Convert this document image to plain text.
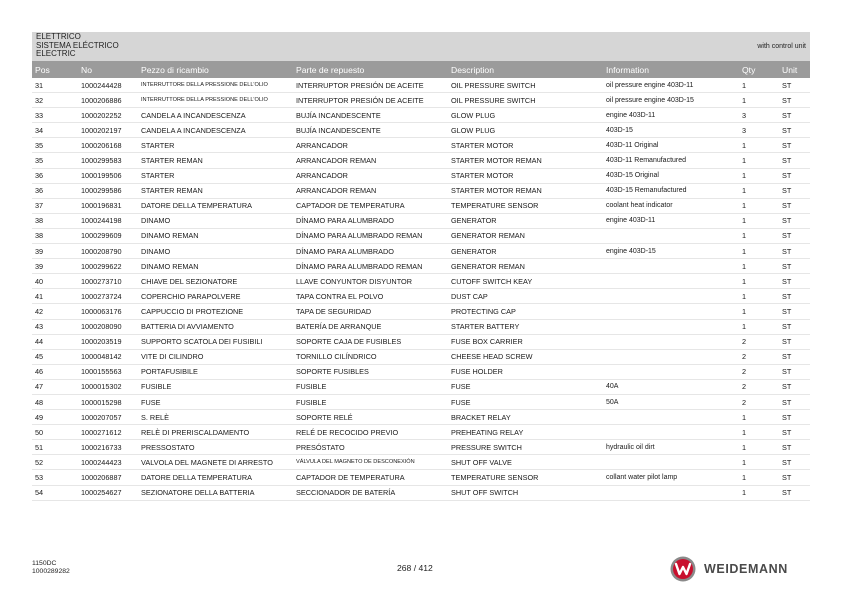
ELETTRICO
SISTEMA ELÉCTRICO
ELECTRIC
with control unit
Pos	No	Pezzo di ricambio	Parte de repuesto	Description	Information	Qty	Unit
31	1000244428	INTERRUTTORE DELLA PRESSIONE DELL'OLIO	INTERRUPTOR PRESIÓN DE ACEITE	OIL PRESSURE SWITCH	oil pressure engine 403D-11	1	ST
32	1000206886	INTERRUTTORE DELLA PRESSIONE DELL'OLIO	INTERRUPTOR PRESIÓN DE ACEITE	OIL PRESSURE SWITCH	oil pressure engine 403D-15	1	ST
33	1000202252	CANDELA A INCANDESCENZA	BUJÍA INCANDESCENTE	GLOW PLUG	engine 403D-11	3	ST
34	1000202197	CANDELA A INCANDESCENZA	BUJÍA INCANDESCENTE	GLOW PLUG	403D-15	3	ST
35	1000206168	STARTER	ARRANCADOR	STARTER MOTOR	403D-11 Original	1	ST
35	1000299583	STARTER REMAN	ARRANCADOR REMAN	STARTER MOTOR REMAN	403D-11 Remanufactured	1	ST
36	1000199506	STARTER	ARRANCADOR	STARTER MOTOR	403D-15 Original	1	ST
36	1000299586	STARTER REMAN	ARRANCADOR REMAN	STARTER MOTOR REMAN	403D-15 Remanufactured	1	ST
37	1000196831	DATORE DELLA TEMPERATURA	CAPTADOR DE TEMPERATURA	TEMPERATURE SENSOR	coolant heat indicator	1	ST
38	1000244198	DINAMO	DÍNAMO PARA ALUMBRADO	GENERATOR	engine 403D-11	1	ST
38	1000299609	DINAMO REMAN	DÍNAMO PARA ALUMBRADO REMAN	GENERATOR REMAN		1	ST
39	1000208790	DINAMO	DÍNAMO PARA ALUMBRADO	GENERATOR	engine 403D-15	1	ST
39	1000299622	DINAMO REMAN	DÍNAMO PARA ALUMBRADO REMAN	GENERATOR REMAN		1	ST
40	1000273710	CHIAVE DEL SEZIONATORE	LLAVE CONYUNTOR DISYUNTOR	CUTOFF SWITCH KEAY		1	ST
41	1000273724	COPERCHIO PARAPOLVERE	TAPA CONTRA EL POLVO	DUST CAP		1	ST
42	1000063176	CAPPUCCIO DI PROTEZIONE	TAPA DE SEGURIDAD	PROTECTING CAP		1	ST
43	1000208090	BATTERIA DI AVVIAMENTO	BATERÍA DE ARRANQUE	STARTER BATTERY		1	ST
44	1000203519	SUPPORTO SCATOLA DEI FUSIBILI	SOPORTE CAJA DE FUSIBLES	FUSE BOX CARRIER		2	ST
45	1000048142	VITE DI CILINDRO	TORNILLO CILÍNDRICO	CHEESE HEAD SCREW		2	ST
46	1000155563	PORTAFUSIBILE	SOPORTE FUSIBLES	FUSE HOLDER		2	ST
47	1000015302	FUSIBLE	FUSIBLE	FUSE	40A	2	ST
48	1000015298	FUSE	FUSIBLE	FUSE	50A	2	ST
49	1000207057	S. RELÈ	SOPORTE RELÉ	BRACKET RELAY		1	ST
50	1000271612	RELÈ DI PRERISCALDAMENTO	RELÉ DE RECOCIDO PREVIO	PREHEATING RELAY		1	ST
51	1000216733	PRESSOSTATO	PRESÓSTATO	PRESSURE SWITCH	hydraulic oil dirt	1	ST
52	1000244423	VALVOLA DEL MAGNETE DI ARRESTO	VÁLVULA DEL MAGNETO DE DESCONEXIÓN	SHUT OFF VALVE		1	ST
53	1000206887	DATORE DELLA TEMPERATURA	CAPTADOR DE TEMPERATURA	TEMPERATURE SENSOR	collant water pilot lamp	1	ST
54	1000254627	SEZIONATORE DELLA BATTERIA	SECCIONADOR DE BATERÍA	SHUT OFF SWITCH		1	ST
1150DC
1000289282	268 / 412	WEIDEMANN
